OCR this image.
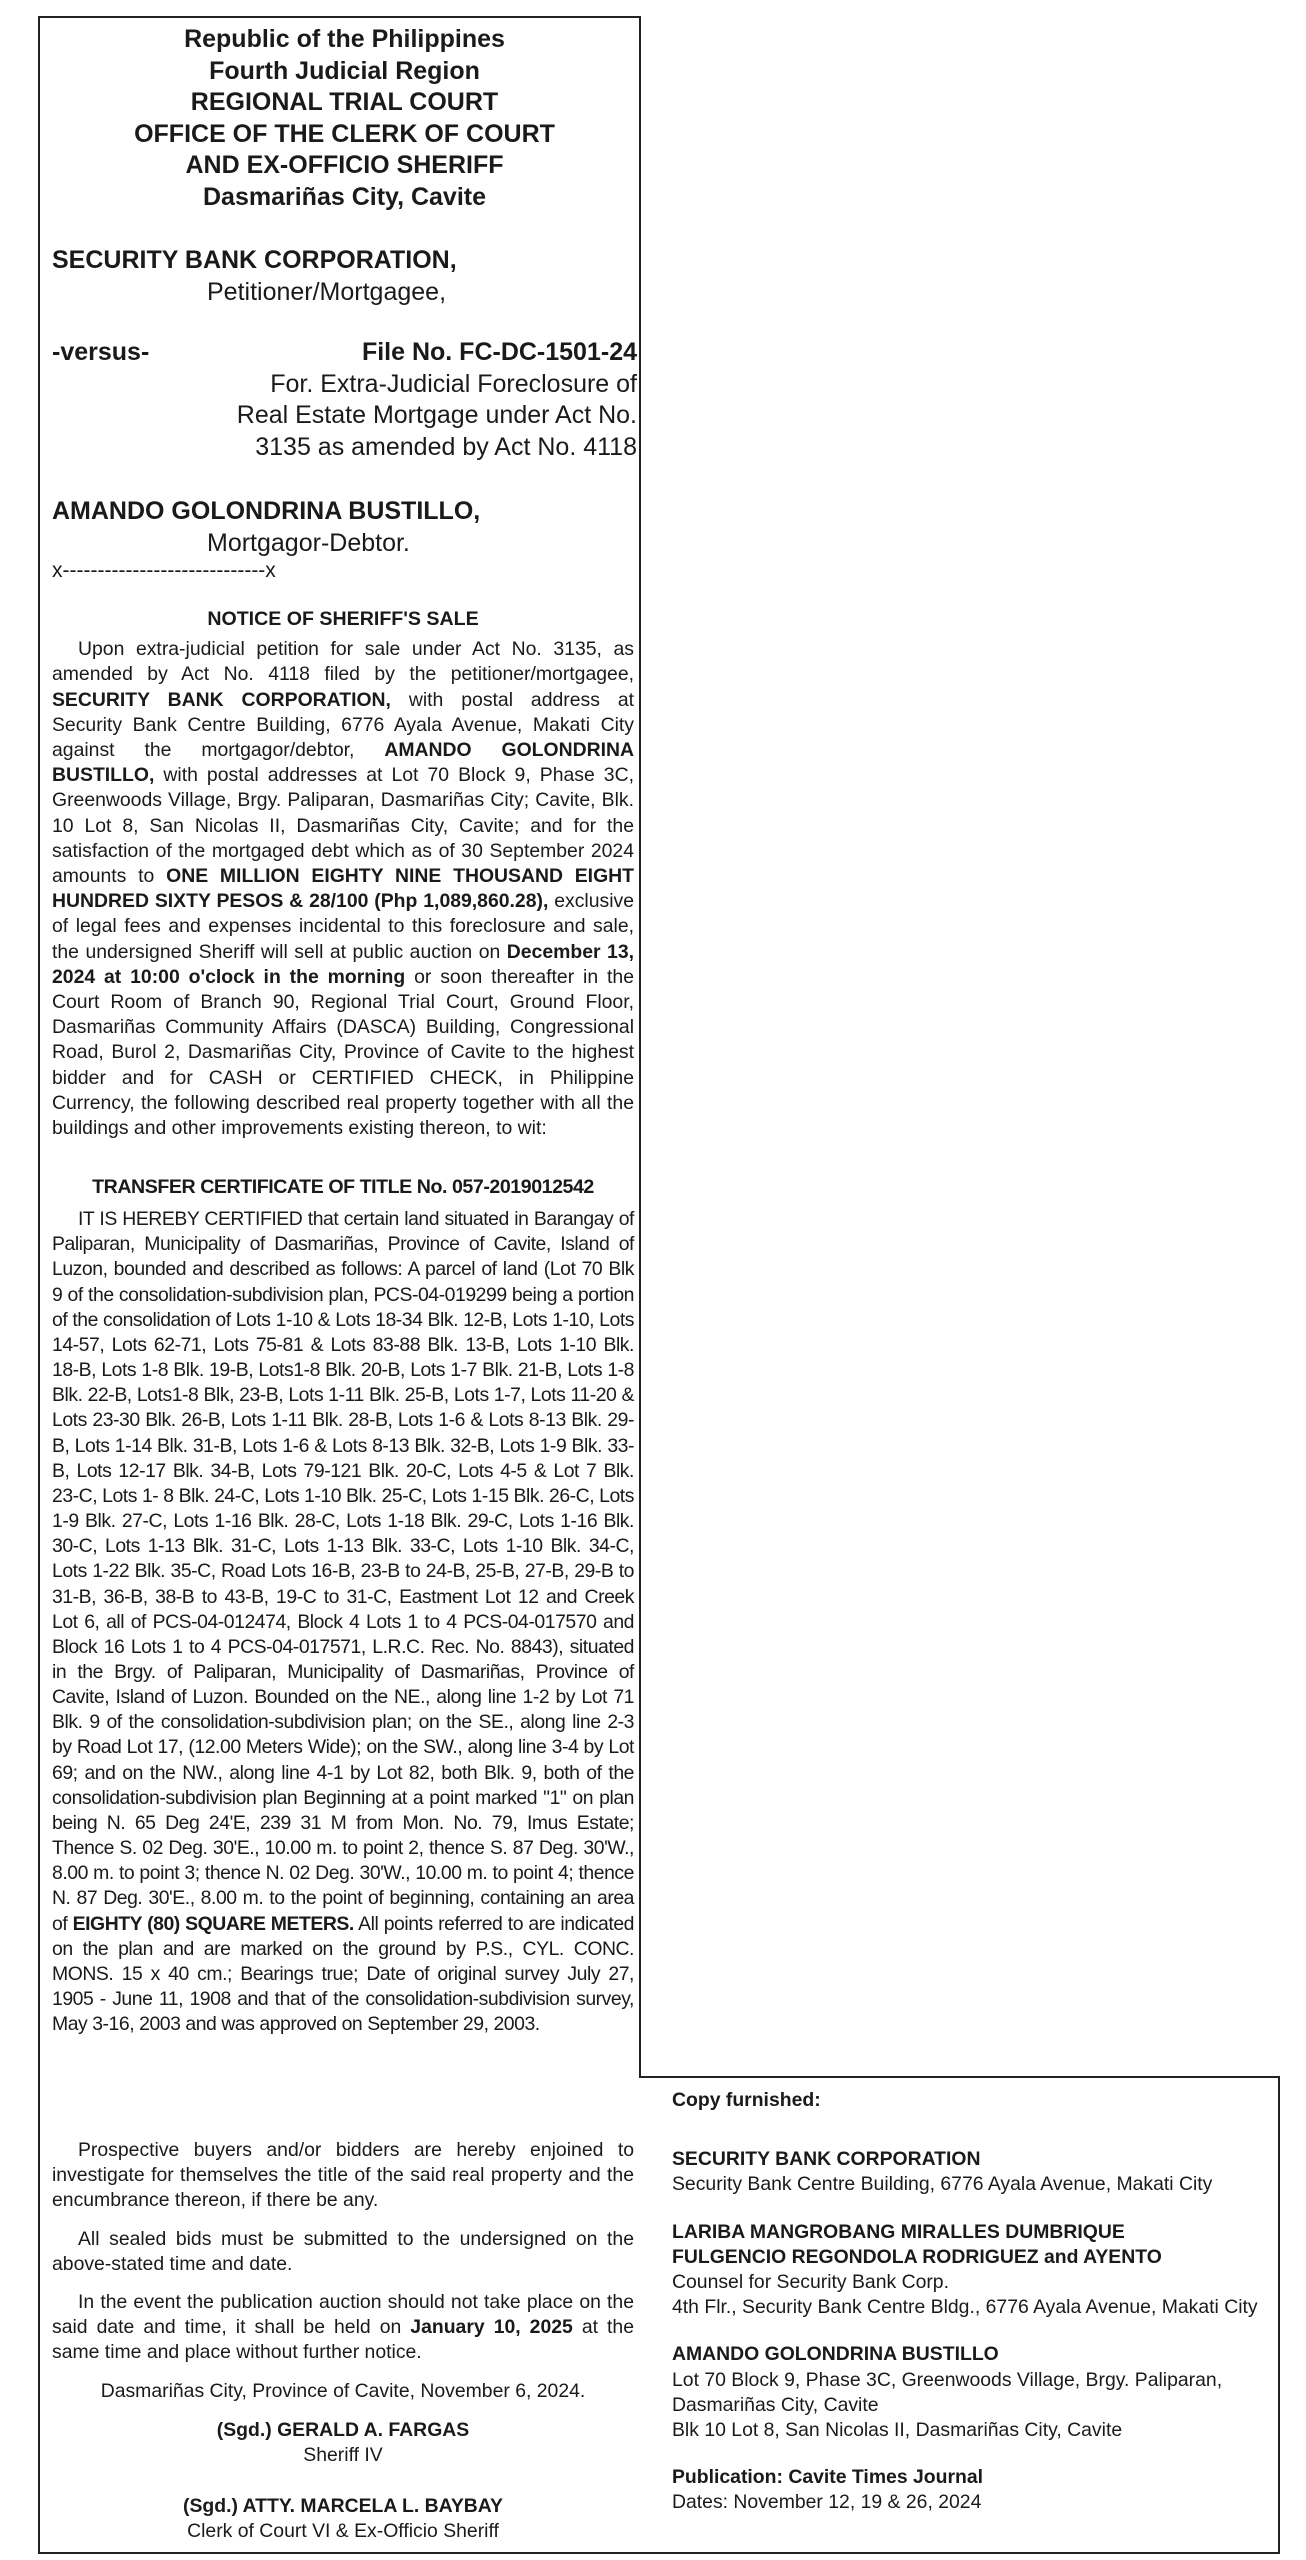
Republic of the Philippines
Fourth Judicial Region
REGIONAL TRIAL COURT
OFFICE OF THE CLERK OF COURT
AND EX-OFFICIO SHERIFF
Dasmariñas City, Cavite
SECURITY BANK CORPORATION,
Petitioner/Mortgagee,
-versus-	File No. FC-DC-1501-24
For. Extra-Judicial Foreclosure of
Real Estate Mortgage under Act No.
3135 as amended by Act No. 4118
AMANDO GOLONDRINA BUSTILLO,
Mortgagor-Debtor.
x-----------------------------x
NOTICE OF SHERIFF'S SALE

Upon extra-judicial petition for sale under Act No. 3135, as amended by Act No. 4118 filed by the petitioner/mortgagee, SECURITY BANK CORPORATION, with postal address at Security Bank Centre Building, 6776 Ayala Avenue, Makati City against the mortgagor/debtor, AMANDO GOLONDRINA BUSTILLO, with postal addresses at Lot 70 Block 9, Phase 3C, Greenwoods Village, Brgy. Paliparan, Dasmariñas City; Cavite, Blk. 10 Lot 8, San Nicolas II, Dasmariñas City, Cavite; and for the satisfaction of the mortgaged debt which as of 30 September 2024 amounts to ONE MILLION EIGHTY NINE THOUSAND EIGHT HUNDRED SIXTY PESOS & 28/100 (Php 1,089,860.28), exclusive of legal fees and expenses incidental to this foreclosure and sale, the undersigned Sheriff will sell at public auction on December 13, 2024 at 10:00 o'clock in the morning or soon thereafter in the Court Room of Branch 90, Regional Trial Court, Ground Floor, Dasmariñas Community Affairs (DASCA) Building, Congressional Road, Burol 2, Dasmariñas City, Province of Cavite to the highest bidder and for CASH or CERTIFIED CHECK, in Philippine Currency, the following described real property together with all the buildings and other improvements existing thereon, to wit:

TRANSFER CERTIFICATE OF TITLE No. 057-2019012542

IT IS HEREBY CERTIFIED that certain land situated in Barangay of Paliparan, Municipality of Dasmariñas, Province of Cavite, Island of Luzon, bounded and described as follows: A parcel of land (Lot 70 Blk 9 of the consolidation-subdivision plan, PCS-04-019299 being a portion of the consolidation of Lots 1-10 & Lots 18-34 Blk. 12-B, Lots 1-10, Lots 14-57, Lots 62-71, Lots 75-81 & Lots 83-88 Blk. 13-B, Lots 1-10 Blk. 18-B, Lots 1-8 Blk. 19-B, Lots1-8 Blk. 20-B, Lots 1-7 Blk. 21-B, Lots 1-8 Blk. 22-B, Lots1-8 Blk, 23-B, Lots 1-11 Blk. 25-B, Lots 1-7, Lots 11-20 & Lots 23-30 Blk. 26-B, Lots 1-11 Blk. 28-B, Lots 1-6 & Lots 8-13 Blk. 29-B, Lots 1-14 Blk. 31-B, Lots 1-6 & Lots 8-13 Blk. 32-B, Lots 1-9 Blk. 33-B, Lots 12-17 Blk. 34-B, Lots 79-121 Blk. 20-C, Lots 4-5 & Lot 7 Blk. 23-C, Lots 1- 8 Blk. 24-C, Lots 1-10 Blk. 25-C, Lots 1-15 Blk. 26-C, Lots 1-9 Blk. 27-C, Lots 1-16 Blk. 28-C, Lots 1-18 Blk. 29-C, Lots 1-16 Blk. 30-C, Lots 1-13 Blk. 31-C, Lots 1-13 Blk. 33-C, Lots 1-10 Blk. 34-C, Lots 1-22 Blk. 35-C, Road Lots 16-B, 23-B to 24-B, 25-B, 27-B, 29-B to 31-B, 36-B, 38-B to 43-B, 19-C to 31-C, Eastment Lot 12 and Creek Lot 6, all of PCS-04-012474, Block 4 Lots 1 to 4 PCS-04-017570 and Block 16 Lots 1 to 4 PCS-04-017571, L.R.C. Rec. No. 8843), situated in the Brgy. of Paliparan, Municipality of Dasmariñas, Province of Cavite, Island of Luzon. Bounded on the NE., along line 1-2 by Lot 71 Blk. 9 of the consolidation-subdivision plan; on the SE., along line 2-3 by Road Lot 17, (12.00 Meters Wide); on the SW., along line 3-4 by Lot 69; and on the NW., along line 4-1 by Lot 82, both Blk. 9, both of the consolidation-subdivision plan Beginning at a point marked "1" on plan being N. 65 Deg 24'E, 239 31 M from Mon. No. 79, Imus Estate; Thence S. 02 Deg. 30'E., 10.00 m. to point 2, thence S. 87 Deg. 30'W., 8.00 m. to point 3; thence N. 02 Deg. 30'W., 10.00 m. to point 4; thence N. 87 Deg. 30'E., 8.00 m. to the point of beginning, containing an area of EIGHTY (80) SQUARE METERS. All points referred to are indicated on the plan and are marked on the ground by P.S., CYL. CONC. MONS. 15 x 40 cm.; Bearings true; Date of original survey July 27, 1905 - June 11, 1908 and that of the consolidation-subdivision survey, May 3-16, 2003 and was approved on September 29, 2003.

Prospective buyers and/or bidders are hereby enjoined to investigate for themselves the title of the said real property and the encumbrance thereon, if there be any.

All sealed bids must be submitted to the undersigned on the above-stated time and date.

In the event the publication auction should not take place on the said date and time, it shall be held on January 10, 2025 at the same time and place without further notice.

Dasmariñas City, Province of Cavite, November 6, 2024.

(Sgd.) GERALD A. FARGAS
Sheriff IV
(Sgd.) ATTY. MARCELA L. BAYBAY
Clerk of Court VI & Ex-Officio Sheriff

Copy furnished:

SECURITY BANK CORPORATION

Security Bank Centre Building, 6776 Ayala Avenue, Makati City

LARIBA MANGROBANG MIRALLES DUMBRIQUE

FULGENCIO REGONDOLA RODRIGUEZ and AYENTO

Counsel for Security Bank Corp.

4th Flr., Security Bank Centre Bldg., 6776 Ayala Avenue, Makati City

AMANDO GOLONDRINA BUSTILLO

Lot 70 Block 9, Phase 3C, Greenwoods Village, Brgy. Paliparan, Dasmariñas City, Cavite

Blk 10 Lot 8, San Nicolas II, Dasmariñas City, Cavite

Publication: Cavite Times Journal

Dates: November 12, 19 & 26, 2024
